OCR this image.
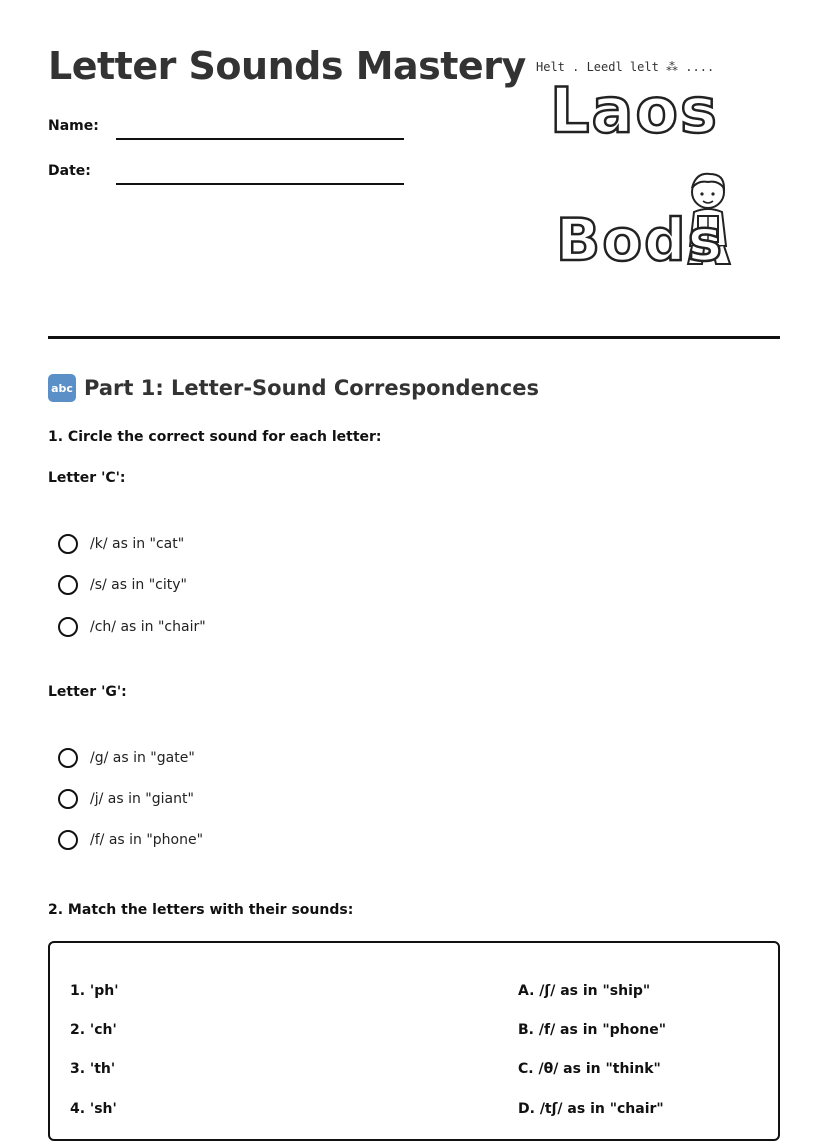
Letter Sounds Mastery
Name:
Date:
Helt . Leedl lelt ⁂ ....
Laos
Bods
abc Part 1: Letter-Sound Correspondences
1. Circle the correct sound for each letter:
Letter 'C':
/k/ as in "cat"
/s/ as in "city"
/ch/ as in "chair"
Letter 'G':
/g/ as in "gate"
/j/ as in "giant"
/f/ as in "phone"
2. Match the letters with their sounds:
1. 'ph'
2. 'ch'
3. 'th'
4. 'sh'
A. /ʃ/ as in "ship"
B. /f/ as in "phone"
C. /θ/ as in "think"
D. /tʃ/ as in "chair"
